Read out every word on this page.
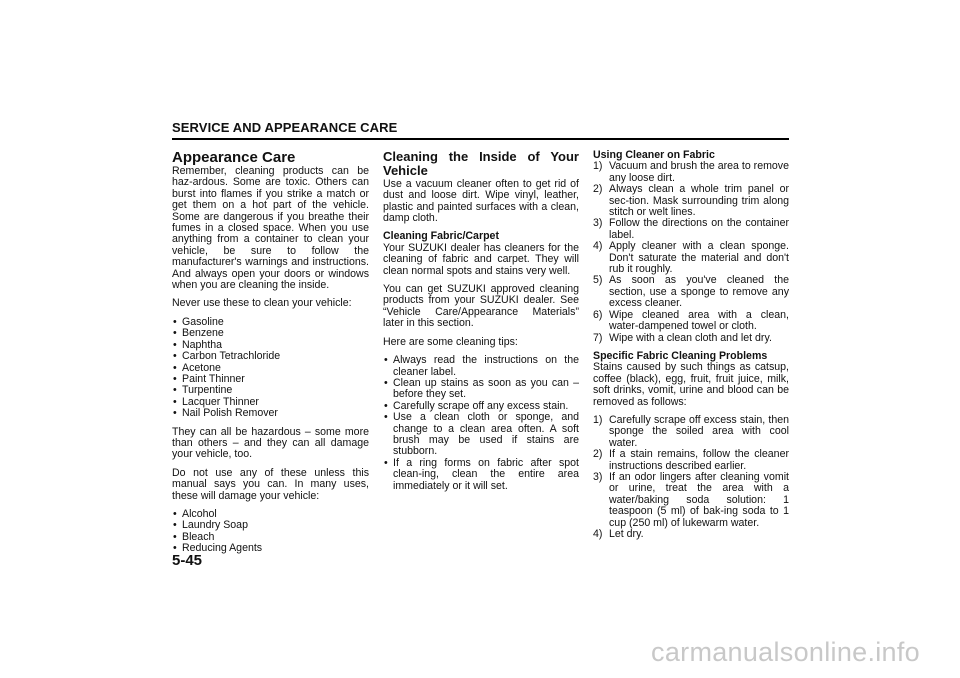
SERVICE AND APPEARANCE CARE

Appearance Care
Remember, cleaning products can be haz-ardous. Some are toxic. Others can burst into flames if you strike a match or get them on a hot part of the vehicle. Some are dangerous if you breathe their fumes in a closed space. When you use anything from a container to clean your vehicle, be sure to follow the manufacturer's warnings and instructions. And always open your doors or windows when you are cleaning the inside.

Never use these to clean your vehicle:

• Gasoline
• Benzene
• Naphtha
• Carbon Tetrachloride
• Acetone
• Paint Thinner
• Turpentine
• Lacquer Thinner
• Nail Polish Remover

They can all be hazardous – some more than others – and they can all damage your vehicle, too.

Do not use any of these unless this manual says you can. In many uses, these will damage your vehicle:

• Alcohol
• Laundry Soap
• Bleach
• Reducing Agents

Cleaning the Inside of Your Vehicle
Use a vacuum cleaner often to get rid of dust and loose dirt. Wipe vinyl, leather, plastic and painted surfaces with a clean, damp cloth.

Cleaning Fabric/Carpet
Your SUZUKI dealer has cleaners for the cleaning of fabric and carpet. They will clean normal spots and stains very well.

You can get SUZUKI approved cleaning products from your SUZUKI dealer. See “Vehicle Care/Appearance Materials” later in this section.

Here are some cleaning tips:

• Always read the instructions on the cleaner label.
• Clean up stains as soon as you can – before they set.
• Carefully scrape off any excess stain.
• Use a clean cloth or sponge, and change to a clean area often. A soft brush may be used if stains are stubborn.
• If a ring forms on fabric after spot clean-ing, clean the entire area immediately or it will set.
Using Cleaner on Fabric
1) Vacuum and brush the area to remove any loose dirt.
2) Always clean a whole trim panel or sec-tion. Mask surrounding trim along stitch or welt lines.
3) Follow the directions on the container label.
4) Apply cleaner with a clean sponge. Don't saturate the material and don't rub it roughly.
5) As soon as you've cleaned the section, use a sponge to remove any excess cleaner.
6) Wipe cleaned area with a clean, water-dampened towel or cloth.
7) Wipe with a clean cloth and let dry.

Specific Fabric Cleaning Problems
Stains caused by such things as catsup, coffee (black), egg, fruit, fruit juice, milk, soft drinks, vomit, urine and blood can be removed as follows:

1) Carefully scrape off excess stain, then sponge the soiled area with cool water.
2) If a stain remains, follow the cleaner instructions described earlier.
3) If an odor lingers after cleaning vomit or urine, treat the area with a water/baking soda solution: 1 teaspoon (5 ml) of bak-ing soda to 1 cup (250 ml) of lukewarm water.
4) Let dry.
5-45
carmanualsonline.info
